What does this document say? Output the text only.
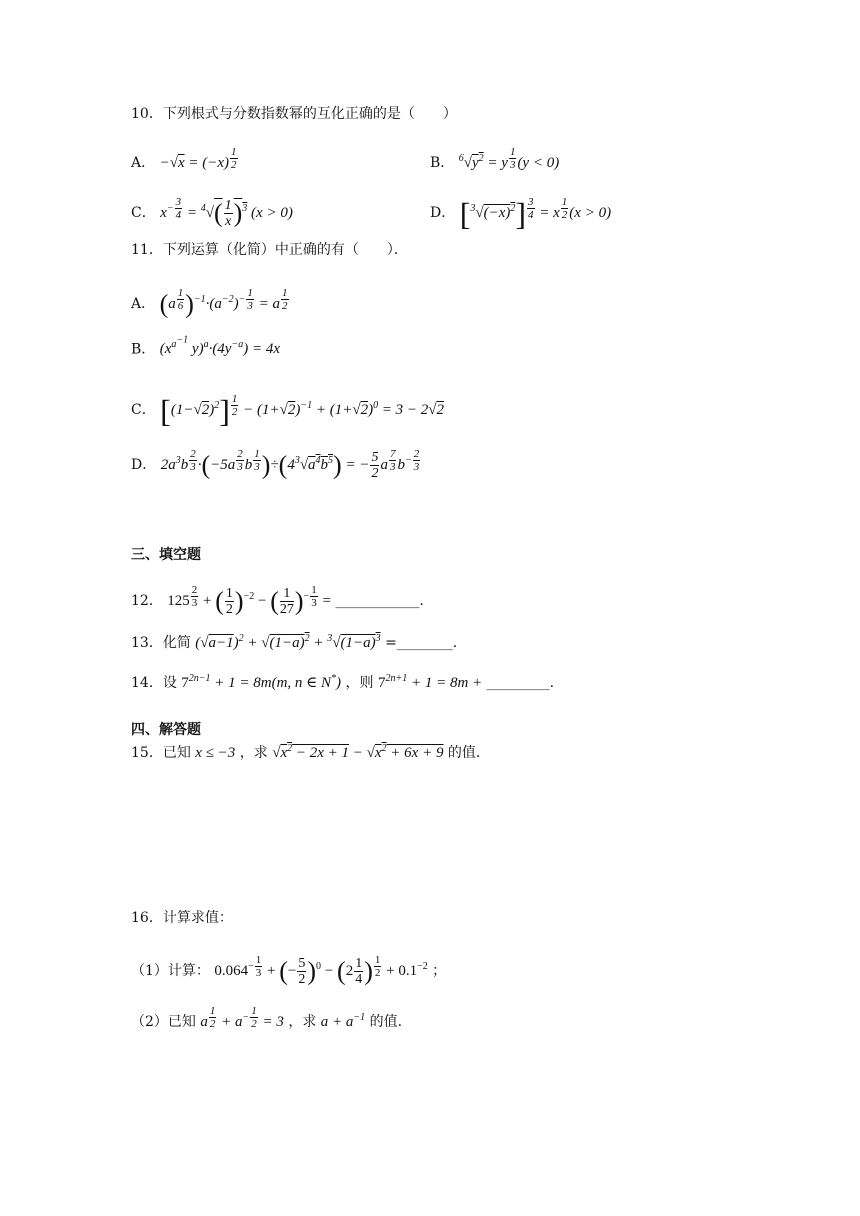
10．下列根式与分数指数幂的互化正确的是（　　）
A． −√x = (−x) $^{\frac{1}{2}}$	B． $^6√y^2 = y$ $^{\frac{1}{3}}$ (y < 0)
C． $x^{- \frac{3}{4}} = ^4√( \frac{1}{x} )^3$ (x > 0)	D． $[^3√(-x)^2] ^{\frac{3}{4}} = x$ $^{\frac{1}{2}}$ (x > 0)
11．下列运算（化简）中正确的有（　　）．
A． (a $^{\frac{1}{6}}$ )$^{-1}\cdot(a^{-2})^{- \frac{1}{3}} = a$ $^{\frac{1}{2}}$
B． ($x^{a^{-1}}$ $y)^a\cdot(4y^{-a}) = 4x$
C． $[(1-√2)^2] ^{\frac{1}{2}} - (1+√2)^{-1} + (1+√2)^0 = 3 - 2√2$
D． $2a^3b$ $^{\frac{2}{3}}$ ·(−5a $^{\frac{2}{3}}$ b $^{\frac{1}{3}}$ )$\div(4^3√a^4b^5)$ = − $\frac{5}{2}$ a $^{\frac{7}{3}}$ $b^{- \frac{2}{3}}$
三、填空题
12． 125 $^{\frac{2}{3}}$ + ( $\frac{1}{2} )^{-2}$ − ( $\frac{1}{27} )^{- \frac{1}{3}}$ = ____________.
13．化简 $(√a-1)^2 + √(1-a)^2 + ^3√(1-a)^3$ =________.
14．设 $7^{2n-1} + 1 = 8m(m$, n ∈ N*) ，则 $7^{2n+1} + 1 = 8m$ + _________.
四、解答题
15．已知 x ≤ −3 ，求 $√x^2 - 2x + 1 - √x^2 + 6x + 9$ 的值.
16．计算求值：
（1）计算： $0.064^{- \frac{1}{3}}$ + (− $\frac{5}{2} )^0 - (2 \frac{1}{4}$ ) $^{\frac{1}{2}} + 0.1^{-2}$ ；
（2）已知 a $^{\frac{1}{2}} + a^{- \frac{1}{2}} = 3$ ，求 $a + a^{-1}$ 的值.
